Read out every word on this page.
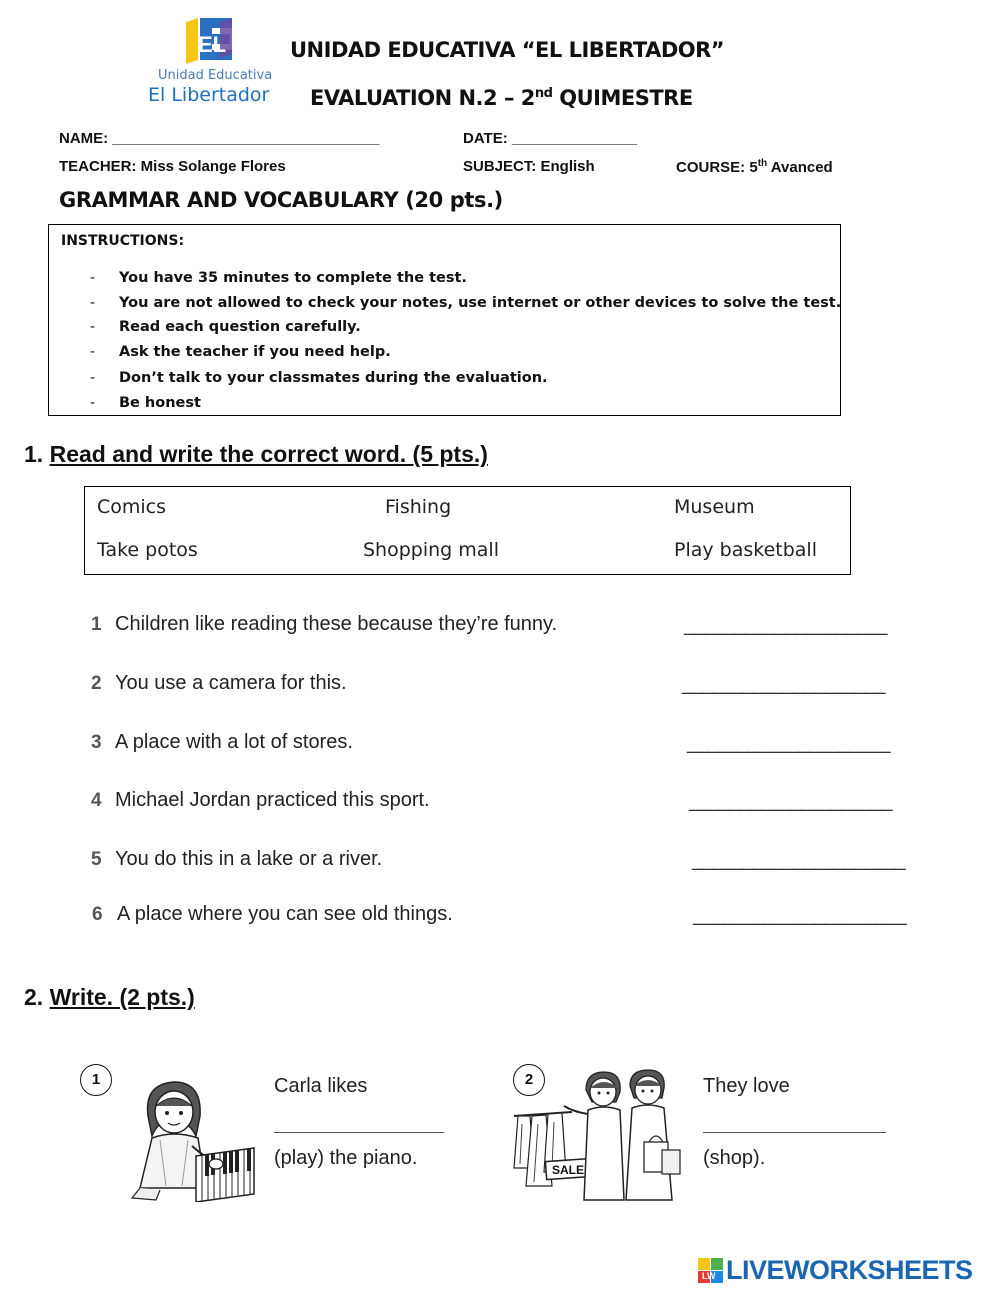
EL
Unidad Educativa
El Libertador
UNIDAD EDUCATIVA “EL LIBERTADOR”
EVALUATION N.2 – 2nd QUIMESTRE
NAME: ________________________________	DATE: _______________
TEACHER: Miss Solange Flores	SUBJECT: English	COURSE: 5th Avanced
GRAMMAR AND VOCABULARY (20 pts.)
INSTRUCTIONS:
- You have 35 minutes to complete the test.
- You are not allowed to check your notes, use internet or other devices to solve the test.
- Read each question carefully.
- Ask the teacher if you need help.
- Don’t talk to your classmates during the evaluation.
- Be honest
1. Read and write the correct word. (5 pts.)
Comics	Fishing	Museum
Take potos	Shopping mall	Play basketball
1 Children like reading these because they’re funny.	____________________
2 You use a camera for this.	____________________
3 A place with a lot of stores.	____________________
4 Michael Jordan practiced this sport.	____________________
5 You do this in a lake or a river.	_____________________
6 A place where you can see old things.	_____________________
2. Write. (2 pts.)
1	Carla likes
(play) the piano.
2
SALE
They love
(shop).
LW LIVEWORKSHEETS
